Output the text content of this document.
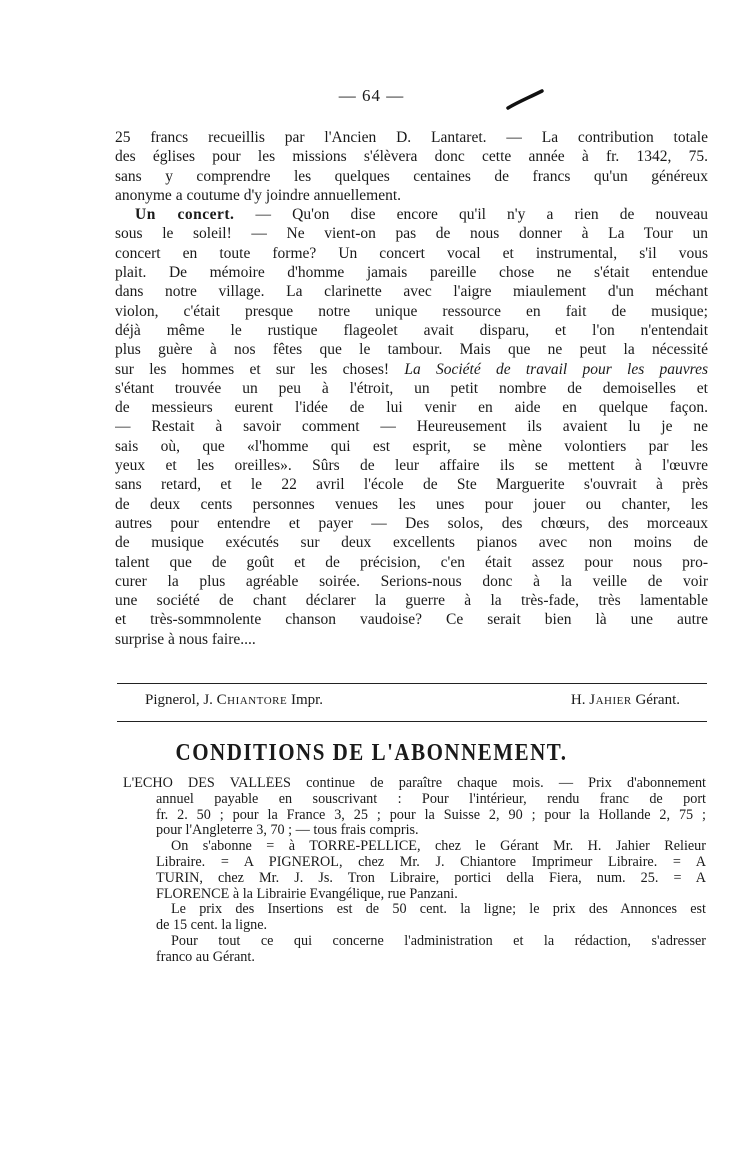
— 64 —
25 francs recueillis par l'Ancien D. Lantaret. — La contribution totale
des églises pour les missions s'élèvera donc cette année à fr. 1342, 75.
sans y comprendre les quelques centaines de francs qu'un généreux
anonyme a coutume d'y joindre annuellement.
Un concert. — Qu'on dise encore qu'il n'y a rien de nouveau
sous le soleil! — Ne vient-on pas de nous donner à La Tour un
concert en toute forme? Un concert vocal et instrumental, s'il vous
plait. De mémoire d'homme jamais pareille chose ne s'était entendue
dans notre village. La clarinette avec l'aigre miaulement d'un méchant
violon, c'était presque notre unique ressource en fait de musique;
déjà même le rustique flageolet avait disparu, et l'on n'entendait
plus guère à nos fêtes que le tambour. Mais que ne peut la nécessité
sur les hommes et sur les choses! La Société de travail pour les pauvres
s'étant trouvée un peu à l'étroit, un petit nombre de demoiselles et
de messieurs eurent l'idée de lui venir en aide en quelque façon.
— Restait à savoir comment — Heureusement ils avaient lu je ne
sais où, que «l'homme qui est esprit, se mène volontiers par les
yeux et les oreilles». Sûrs de leur affaire ils se mettent à l'œuvre
sans retard, et le 22 avril l'école de Ste Marguerite s'ouvrait à près
de deux cents personnes venues les unes pour jouer ou chanter, les
autres pour entendre et payer — Des solos, des chœurs, des morceaux
de musique exécutés sur deux excellents pianos avec non moins de
talent que de goût et de précision, c'en était assez pour nous pro-
curer la plus agréable soirée. Serions-nous donc à la veille de voir
une société de chant déclarer la guerre à la très-fade, très lamentable
et très-sommnolente chanson vaudoise? Ce serait bien là une autre
surprise à nous faire....
Pignerol, J. Chiantore Impr.	H. Jahier Gérant.
CONDITIONS DE L'ABONNEMENT.
L'ECHO DES VALLÉES continue de paraître chaque mois. — Prix d'abonnement
annuel payable en souscrivant : Pour l'intérieur, rendu franc de port
fr. 2. 50 ; pour la France 3, 25 ; pour la Suisse 2, 90 ; pour la Hollande 2, 75 ;
pour l'Angleterre 3, 70 ; — tous frais compris.
On s'abonne = à TORRE-PELLICE, chez le Gérant Mr. H. Jahier Relieur
Libraire. = A PIGNEROL, chez Mr. J. Chiantore Imprimeur Libraire. = A
TURIN, chez Mr. J. Js. Tron Libraire, portici della Fiera, num. 25. = A
FLORENCE à la Librairie Evangélique, rue Panzani.
Le prix des Insertions est de 50 cent. la ligne; le prix des Annonces est
de 15 cent. la ligne.
Pour tout ce qui concerne l'administration et la rédaction, s'adresser
franco au Gérant.
